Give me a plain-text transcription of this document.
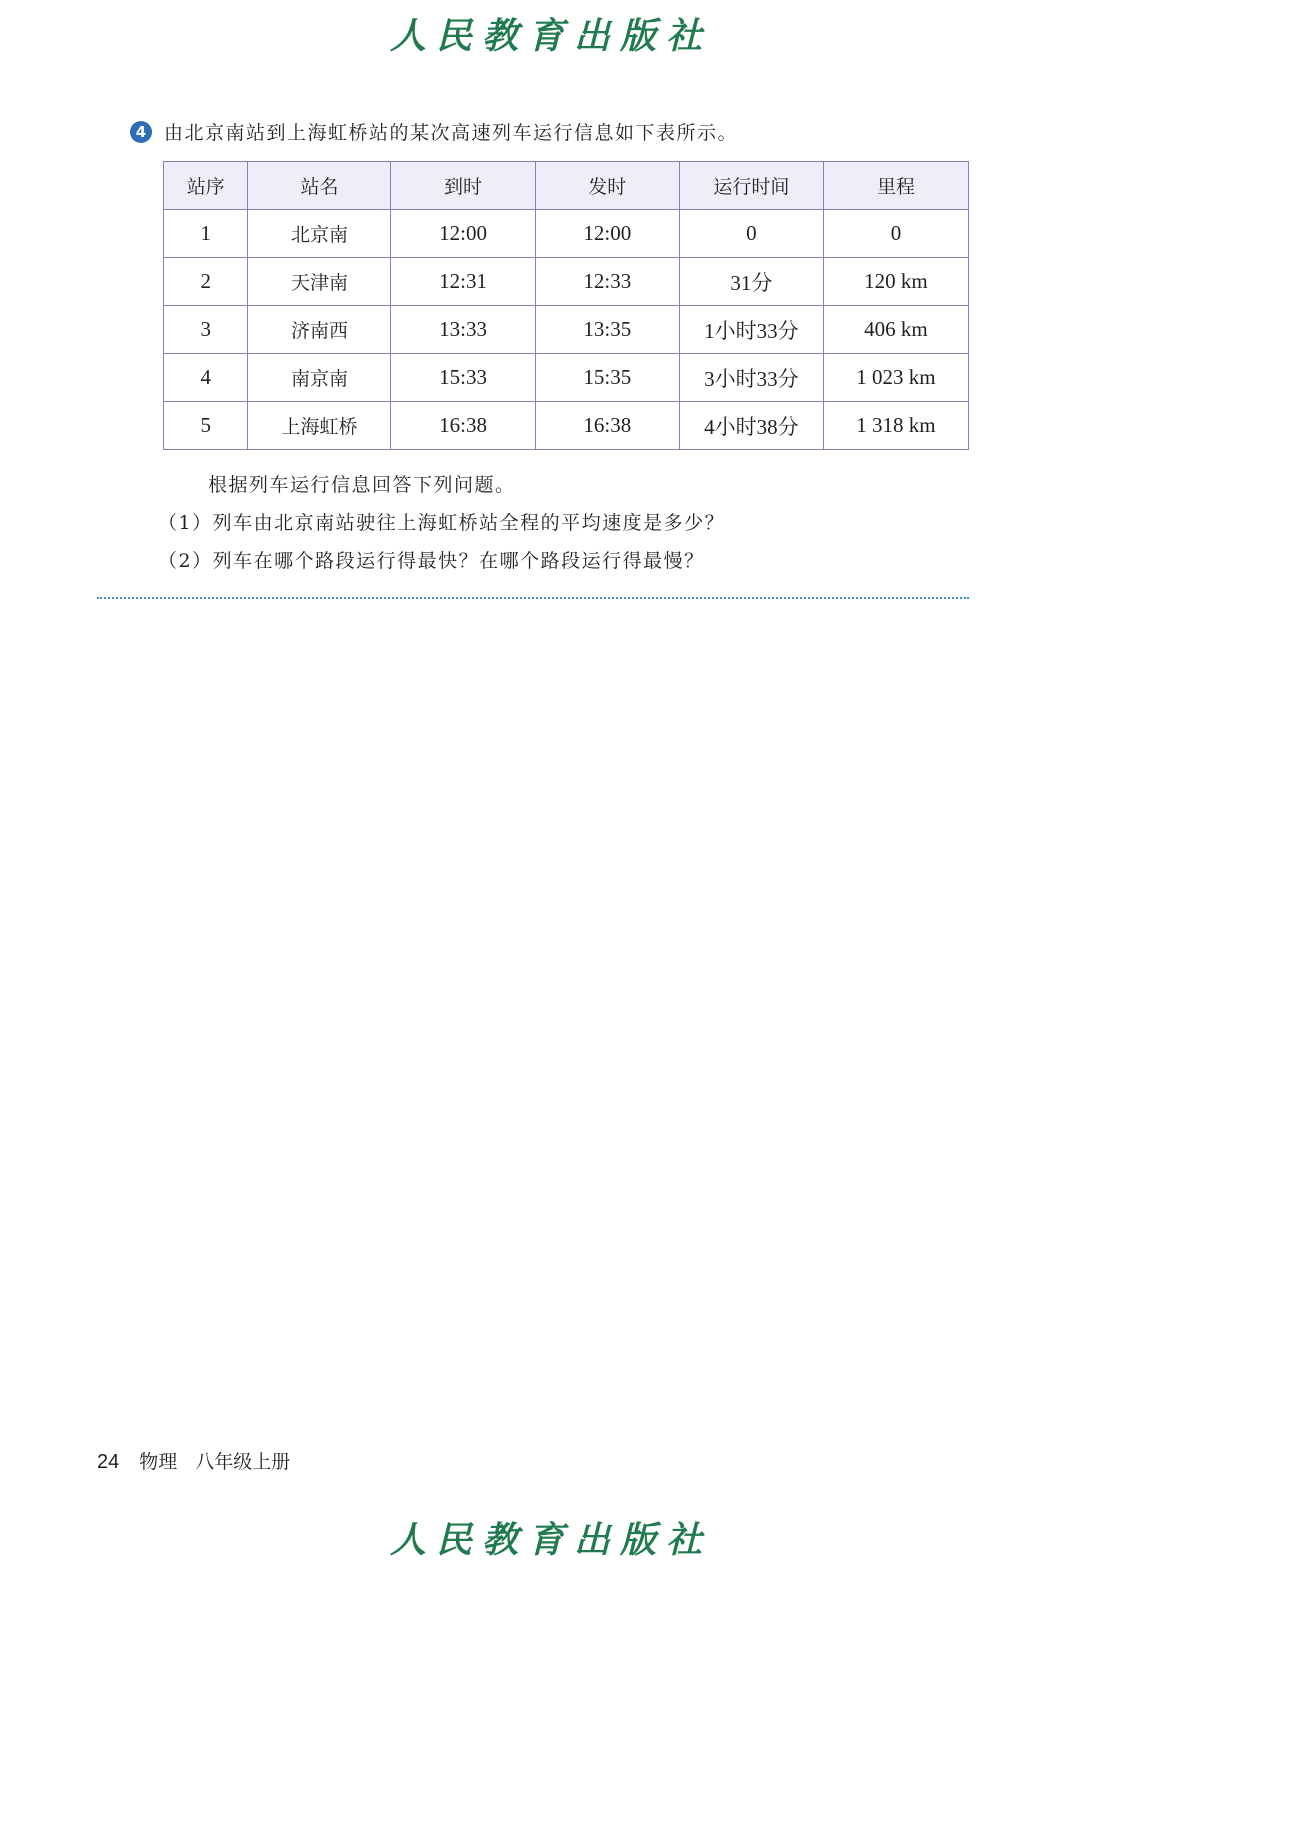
人民教育出版社
4 由北京南站到上海虹桥站的某次高速列车运行信息如下表所示。
站序	站名	到时	发时	运行时间	里程
1	北京南	12:00	12:00	0	0
2	天津南	12:31	12:33	31分	120 km
3	济南西	13:33	13:35	1小时33分	406 km
4	南京南	15:33	15:35	3小时33分	1 023 km
5	上海虹桥	16:38	16:38	4小时38分	1 318 km
根据列车运行信息回答下列问题。
（1）列车由北京南站驶往上海虹桥站全程的平均速度是多少？
（2）列车在哪个路段运行得最快？在哪个路段运行得最慢？
24 物理 八年级上册
人民教育出版社
